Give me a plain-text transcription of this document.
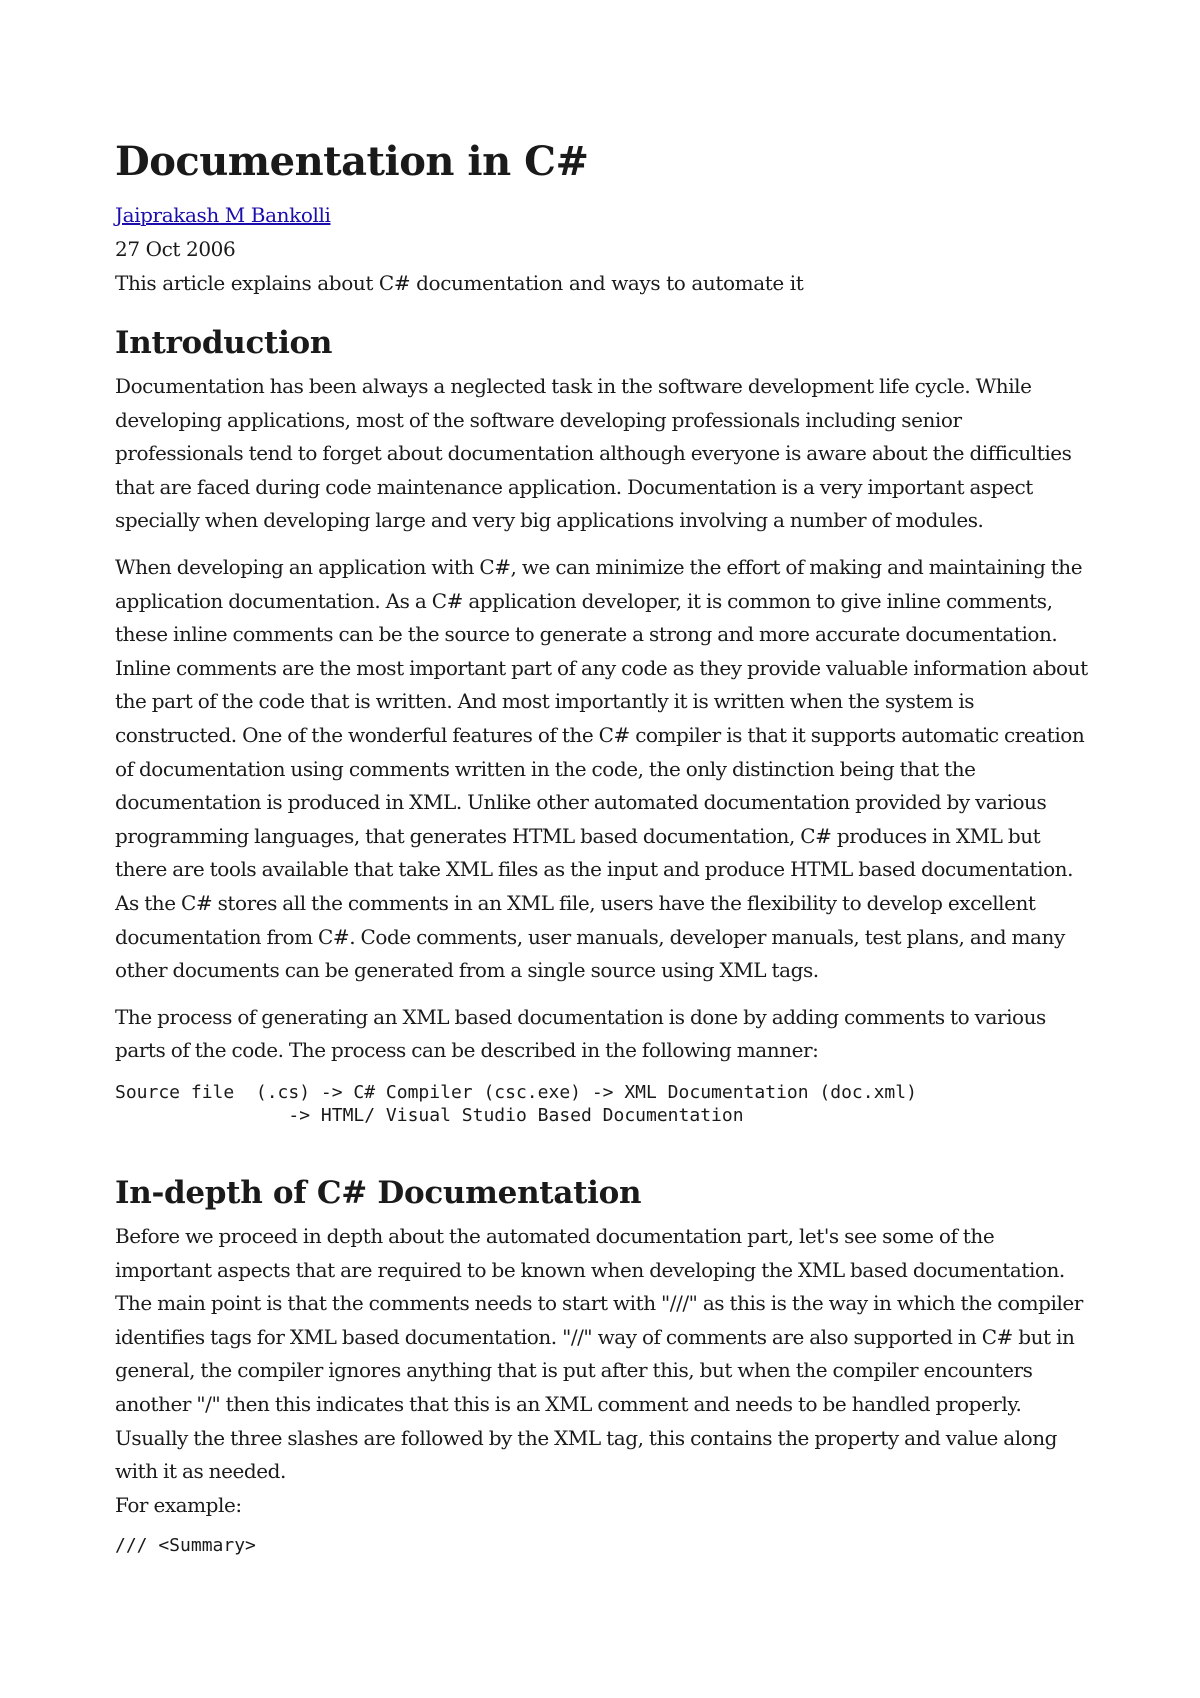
Documentation in C#
Jaiprakash M Bankolli
27 Oct 2006
This article explains about C# documentation and ways to automate it
Introduction

Documentation has been always a neglected task in the software development life cycle. While developing applications, most of the software developing professionals including senior professionals tend to forget about documentation although everyone is aware about the difficulties that are faced during code maintenance application. Documentation is a very important aspect specially when developing large and very big applications involving a number of modules.

When developing an application with C#, we can minimize the effort of making and maintaining the application documentation. As a C# application developer, it is common to give inline comments, these inline comments can be the source to generate a strong and more accurate documentation. Inline comments are the most important part of any code as they provide valuable information about the part of the code that is written. And most importantly it is written when the system is constructed. One of the wonderful features of the C# compiler is that it supports automatic creation of documentation using comments written in the code, the only distinction being that the documentation is produced in XML. Unlike other automated documentation provided by various programming languages, that generates HTML based documentation, C# produces in XML but there are tools available that take XML files as the input and produce HTML based documentation. As the C# stores all the comments in an XML file, users have the flexibility to develop excellent documentation from C#. Code comments, user manuals, developer manuals, test plans, and many other documents can be generated from a single source using XML tags.

The process of generating an XML based documentation is done by adding comments to various parts of the code. The process can be described in the following manner:

Source file  (.cs) -> C# Compiler (csc.exe) -> XML Documentation (doc.xml)
-> HTML/ Visual Studio Based Documentation
In-depth of C# Documentation

Before we proceed in depth about the automated documentation part, let's see some of the important aspects that are required to be known when developing the XML based documentation. The main point is that the comments needs to start with "///" as this is the way in which the compiler identifies tags for XML based documentation. "//" way of comments are also supported in C# but in general, the compiler ignores anything that is put after this, but when the compiler encounters another "/" then this indicates that this is an XML comment and needs to be handled properly. Usually the three slashes are followed by the XML tag, this contains the property and value along with it as needed.

For example:

/// <Summary>
